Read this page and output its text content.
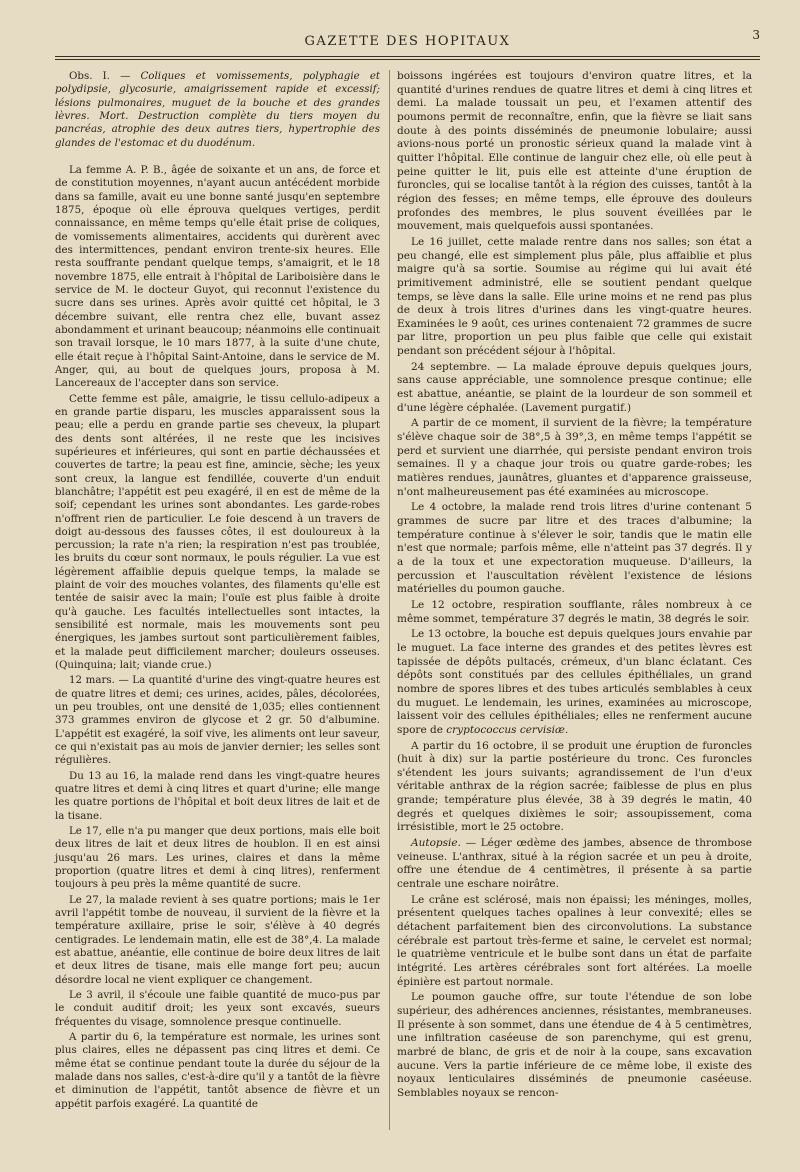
GAZETTE DES HOPITAUX	3

Obs. I. — Coliques et vomissements, polyphagie et polydipsie, glycosurie, amaigrissement rapide et excessif; lésions pulmonaires, muguet de la bouche et des grandes lèvres. Mort. Destruction complète du tiers moyen du pancréas, atrophie des deux autres tiers, hypertrophie des glandes de l'estomac et du duodénum.

La femme A. P. B., âgée de soixante et un ans, de force et de constitution moyennes, n'ayant aucun antécédent morbide dans sa famille, avait eu une bonne santé jusqu'en septembre 1875, époque où elle éprouva quelques vertiges, perdit connaissance, en même temps qu'elle était prise de coliques, de vomissements alimentaires, accidents qui durèrent avec des intermittences, pendant environ trente-six heures. Elle resta souffrante pendant quelque temps, s'amaigrit, et le 18 novembre 1875, elle entrait à l'hôpital de Lariboisière dans le service de M. le docteur Guyot, qui reconnut l'existence du sucre dans ses urines. Après avoir quitté cet hôpital, le 3 décembre suivant, elle rentra chez elle, buvant assez abondamment et urinant beaucoup; néanmoins elle continuait son travail lorsque, le 10 mars 1877, à la suite d'une chute, elle était reçue à l'hôpital Saint-Antoine, dans le service de M. Anger, qui, au bout de quelques jours, proposa à M. Lancereaux de l'accepter dans son service.

Cette femme est pâle, amaigrie, le tissu cellulo-adipeux a en grande partie disparu, les muscles apparaissent sous la peau; elle a perdu en grande partie ses cheveux, la plupart des dents sont altérées, il ne reste que les incisives supérieures et inférieures, qui sont en partie déchaussées et couvertes de tartre; la peau est fine, amincie, sèche; les yeux sont creux, la langue est fendillée, couverte d'un enduit blanchâtre; l'appétit est peu exagéré, il en est de même de la soif; cependant les urines sont abondantes. Les garde-robes n'offrent rien de particulier. Le foie descend à un travers de doigt au-dessous des fausses côtes, il est douloureux à la percussion; la rate n'a rien; la respiration n'est pas troublée, les bruits du cœur sont normaux, le pouls régulier. La vue est légèrement affaiblie depuis quelque temps, la malade se plaint de voir des mouches volantes, des filaments qu'elle est tentée de saisir avec la main; l'ouïe est plus faible à droite qu'à gauche. Les facultés intellectuelles sont intactes, la sensibilité est normale, mais les mouvements sont peu énergiques, les jambes surtout sont particulièrement faibles, et la malade peut difficilement marcher; douleurs osseuses. (Quinquina; lait; viande crue.)

12 mars. — La quantité d'urine des vingt-quatre heures est de quatre litres et demi; ces urines, acides, pâles, décolorées, un peu troubles, ont une densité de 1,035; elles contiennent 373 grammes environ de glycose et 2 gr. 50 d'albumine. L'appétit est exagéré, la soif vive, les aliments ont leur saveur, ce qui n'existait pas au mois de janvier dernier; les selles sont régulières.

Du 13 au 16, la malade rend dans les vingt-quatre heures quatre litres et demi à cinq litres et quart d'urine; elle mange les quatre portions de l'hôpital et boit deux litres de lait et de la tisane.

Le 17, elle n'a pu manger que deux portions, mais elle boit deux litres de lait et deux litres de houblon. Il en est ainsi jusqu'au 26 mars. Les urines, claires et dans la même proportion (quatre litres et demi à cinq litres), renferment toujours à peu près la même quantité de sucre.

Le 27, la malade revient à ses quatre portions; mais le 1er avril l'appétit tombe de nouveau, il survient de la fièvre et la température axillaire, prise le soir, s'élève à 40 degrés centigrades. Le lendemain matin, elle est de 38°,4. La malade est abattue, anéantie, elle continue de boire deux litres de lait et deux litres de tisane, mais elle mange fort peu; aucun désordre local ne vient expliquer ce changement.

Le 3 avril, il s'écoule une faible quantité de muco-pus par le conduit auditif droit; les yeux sont excavés, sueurs fréquentes du visage, somnolence presque continuelle.

A partir du 6, la température est normale, les urines sont plus claires, elles ne dépassent pas cinq litres et demi. Ce même état se continue pendant toute la durée du séjour de la malade dans nos salles, c'est-à-dire qu'il y a tantôt de la fièvre et diminution de l'appétit, tantôt absence de fièvre et un appétit parfois exagéré. La quantité de

boissons ingérées est toujours d'environ quatre litres, et la quantité d'urines rendues de quatre litres et demi à cinq litres et demi. La malade toussait un peu, et l'examen attentif des poumons permit de reconnaître, enfin, que la fièvre se liait sans doute à des points disséminés de pneumonie lobulaire; aussi avions-nous porté un pronostic sérieux quand la malade vint à quitter l'hôpital. Elle continue de languir chez elle, où elle peut à peine quitter le lit, puis elle est atteinte d'une éruption de furoncles, qui se localise tantôt à la région des cuisses, tantôt à la région des fesses; en même temps, elle éprouve des douleurs profondes des membres, le plus souvent éveillées par le mouvement, mais quelquefois aussi spontanées.

Le 16 juillet, cette malade rentre dans nos salles; son état a peu changé, elle est simplement plus pâle, plus affaiblie et plus maigre qu'à sa sortie. Soumise au régime qui lui avait été primitivement administré, elle se soutient pendant quelque temps, se lève dans la salle. Elle urine moins et ne rend pas plus de deux à trois litres d'urines dans les vingt-quatre heures. Examinées le 9 août, ces urines contenaient 72 grammes de sucre par litre, proportion un peu plus faible que celle qui existait pendant son précédent séjour à l'hôpital.

24 septembre. — La malade éprouve depuis quelques jours, sans cause appréciable, une somnolence presque continue; elle est abattue, anéantie, se plaint de la lourdeur de son sommeil et d'une légère céphalée. (Lavement purgatif.)

A partir de ce moment, il survient de la fièvre; la température s'élève chaque soir de 38°,5 à 39°,3, en même temps l'appétit se perd et survient une diarrhée, qui persiste pendant environ trois semaines. Il y a chaque jour trois ou quatre garde-robes; les matières rendues, jaunâtres, gluantes et d'apparence graisseuse, n'ont malheureusement pas été examinées au microscope.

Le 4 octobre, la malade rend trois litres d'urine contenant 5 grammes de sucre par litre et des traces d'albumine; la température continue à s'élever le soir, tandis que le matin elle n'est que normale; parfois même, elle n'atteint pas 37 degrés. Il y a de la toux et une expectoration muqueuse. D'ailleurs, la percussion et l'auscultation révèlent l'existence de lésions matérielles du poumon gauche.

Le 12 octobre, respiration soufflante, râles nombreux à ce même sommet, température 37 degrés le matin, 38 degrés le soir.

Le 13 octobre, la bouche est depuis quelques jours envahie par le muguet. La face interne des grandes et des petites lèvres est tapissée de dépôts pultacés, crémeux, d'un blanc éclatant. Ces dépôts sont constitués par des cellules épithéliales, un grand nombre de spores libres et des tubes articulés semblables à ceux du muguet. Le lendemain, les urines, examinées au microscope, laissent voir des cellules épithéliales; elles ne renferment aucune spore de cryptococcus cervisiæ.

A partir du 16 octobre, il se produit une éruption de furoncles (huit à dix) sur la partie postérieure du tronc. Ces furoncles s'étendent les jours suivants; agrandissement de l'un d'eux véritable anthrax de la région sacrée; faiblesse de plus en plus grande; température plus élevée, 38 à 39 degrés le matin, 40 degrés et quelques dixièmes le soir; assoupissement, coma irrésistible, mort le 25 octobre.

Autopsie. — Léger œdème des jambes, absence de thrombose veineuse. L'anthrax, situé à la région sacrée et un peu à droite, offre une étendue de 4 centimètres, il présente à sa partie centrale une eschare noirâtre.

Le crâne est sclérosé, mais non épaissi; les méninges, molles, présentent quelques taches opalines à leur convexité; elles se détachent parfaitement bien des circonvolutions. La substance cérébrale est partout très-ferme et saine, le cervelet est normal; le quatrième ventricule et le bulbe sont dans un état de parfaite intégrité. Les artères cérébrales sont fort altérées. La moelle épinière est partout normale.

Le poumon gauche offre, sur toute l'étendue de son lobe supérieur, des adhérences anciennes, résistantes, membraneuses. Il présente à son sommet, dans une étendue de 4 à 5 centimètres, une infiltration caséeuse de son parenchyme, qui est grenu, marbré de blanc, de gris et de noir à la coupe, sans excavation aucune. Vers la partie inférieure de ce même lobe, il existe des noyaux lenticulaires disséminés de pneumonie caséeuse. Semblables noyaux se rencon-
